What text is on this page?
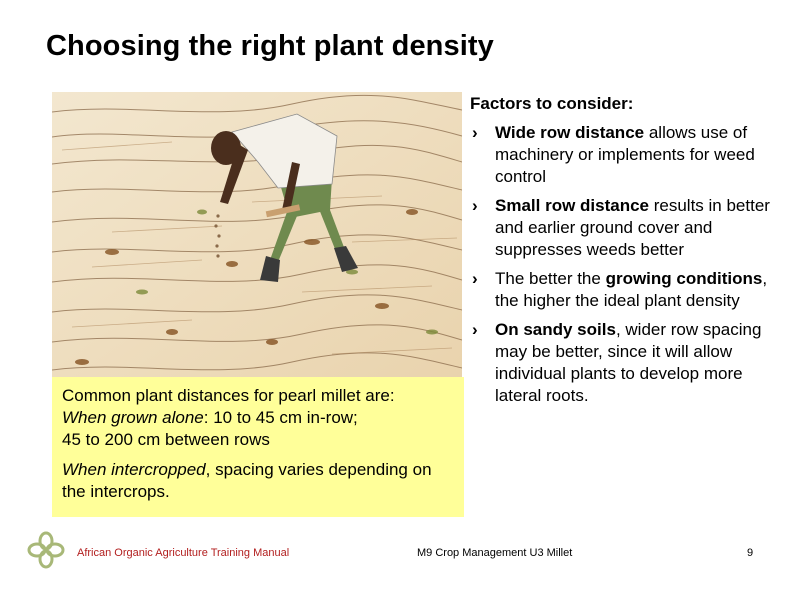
Choosing the right plant density
Factors to consider:
› Wide row distance allows use of machinery or implements for weed control
› Small row distance results in better and earlier ground cover and suppresses weeds better
› The better the growing conditions, the higher the ideal plant density
› On sandy soils, wider row spacing may be better, since it will allow individual plants to develop more lateral roots.

Common plant distances for pearl millet are:

When grown alone: 10 to 45 cm in-row;

45 to 200 cm between rows

When intercropped, spacing varies depending on the intercrops.

African Organic Agriculture Training Manual	M9 Crop Management U3 Millet	9
